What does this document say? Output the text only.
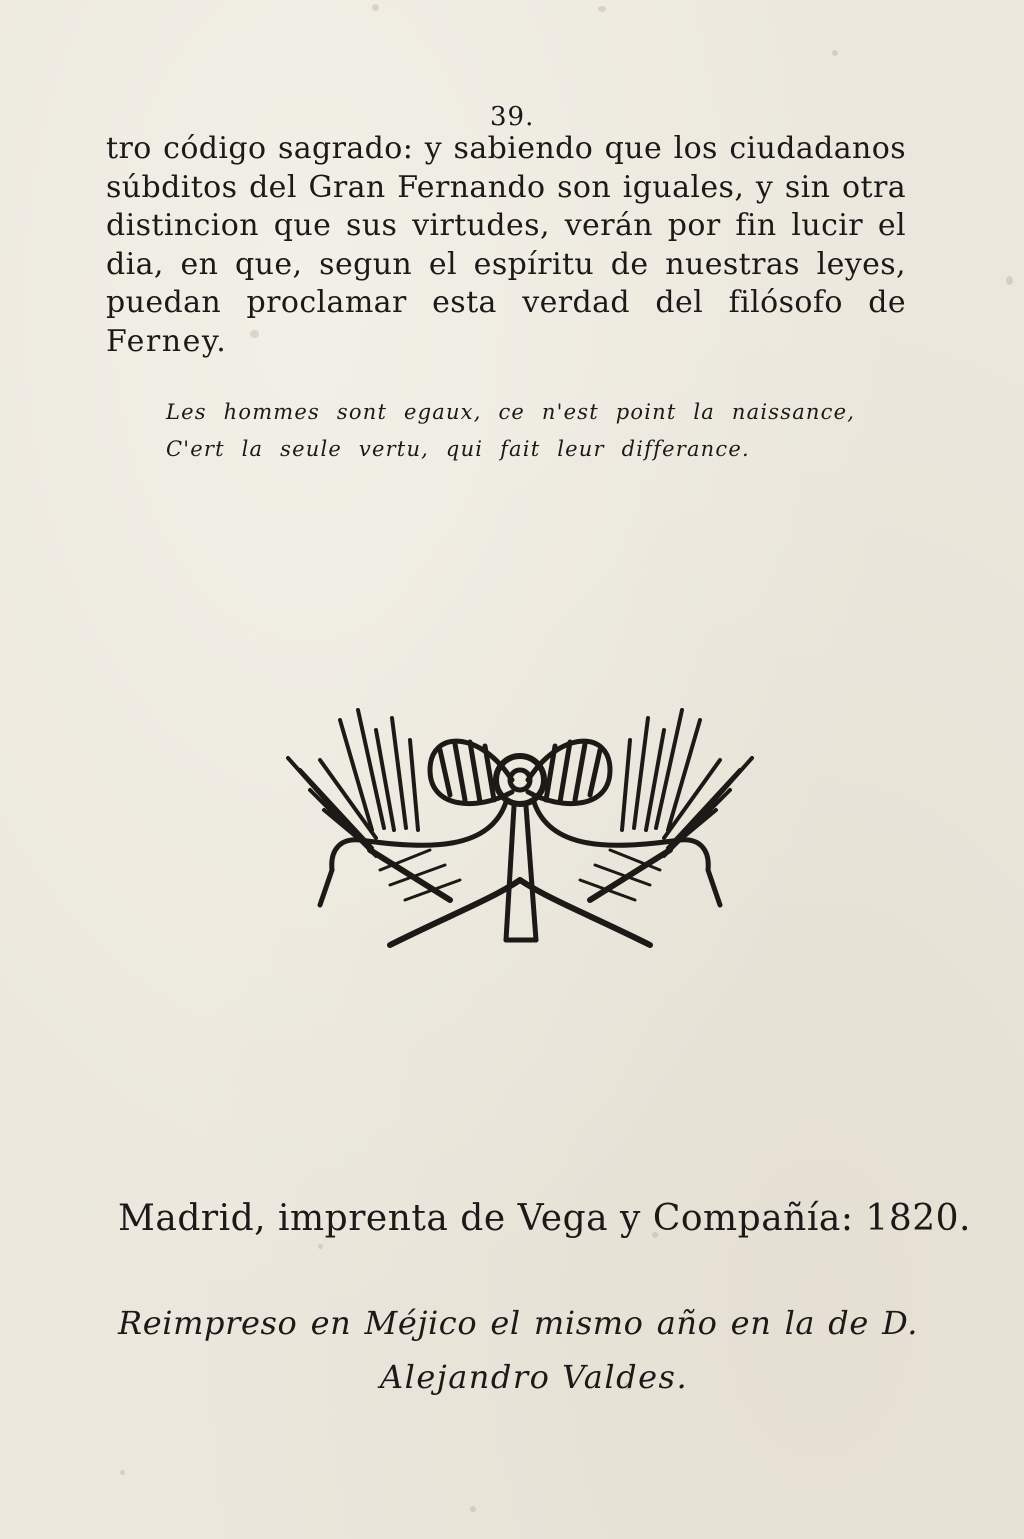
39.
tro código sagrado: y sabiendo que los ciudadanos
súbditos del Gran Fernando son iguales, y sin otra
distincion que sus virtudes, verán por fin lucir el
dia, en que, segun el espíritu de nuestras leyes,
puedan proclamar esta verdad del filósofo de
Ferney.
Les hommes sont egaux, ce n'est point la naissance,
C'ert la seule vertu, qui fait leur differance.
Madrid, imprenta de Vega y Compañía: 1820.
Reimpreso en Méjico el mismo año en la de D.
Alejandro Valdes.
